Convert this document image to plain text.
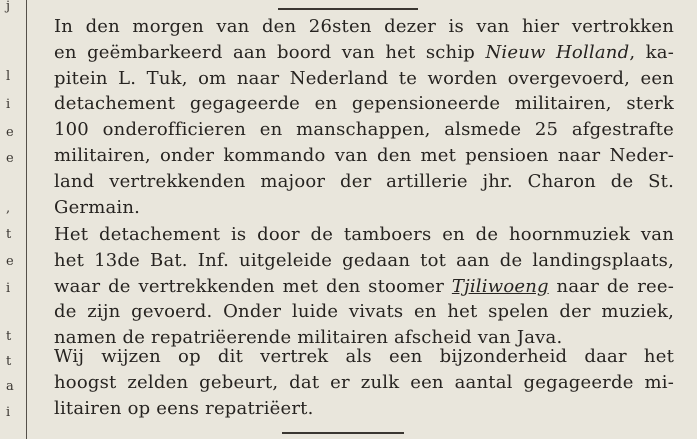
j
l
i
e
e
,
t
e
i
t
t
a
i
In den morgen van den 26sten dezer is van hier vertrokken
en geëmbarkeerd aan boord van het schip Nieuw Holland, ka-
pitein L. Tuk, om naar Nederland te worden overgevoerd, een
detachement gegageerde en gepensioneerde militairen, sterk
100 onderofficieren en manschappen, alsmede 25 afgestrafte
militairen, onder kommando van den met pensioen naar Neder-
land vertrekkenden majoor der artillerie jhr. Charon de St.
Germain.
Het detachement is door de tamboers en de hoornmuziek van
het 13de Bat. Inf. uitgeleide gedaan tot aan de landingsplaats,
waar de vertrekkenden met den stoomer Tjiliwoeng naar de ree-
de zijn gevoerd. Onder luide vivats en het spelen der muziek,
namen de repatriëerende militairen afscheid van Java.
Wij wijzen op dit vertrek als een bijzonderheid daar het
hoogst zelden gebeurt, dat er zulk een aantal gegageerde mi-
litairen op eens repatriëert.
